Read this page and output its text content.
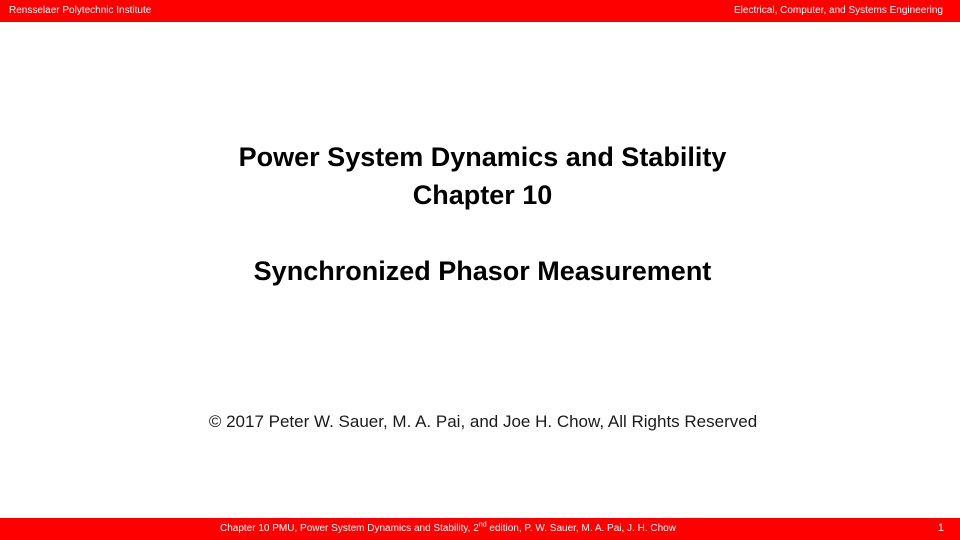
Rensselaer Polytechnic Institute	Electrical, Computer, and Systems Engineering
Power System Dynamics and Stability
Chapter 10
Synchronized Phasor Measurement
© 2017 Peter W. Sauer, M. A. Pai, and Joe H. Chow, All Rights Reserved
Chapter 10 PMU, Power System Dynamics and Stability, 2nd edition, P. W. Sauer, M. A. Pai, J. H. Chow	1
